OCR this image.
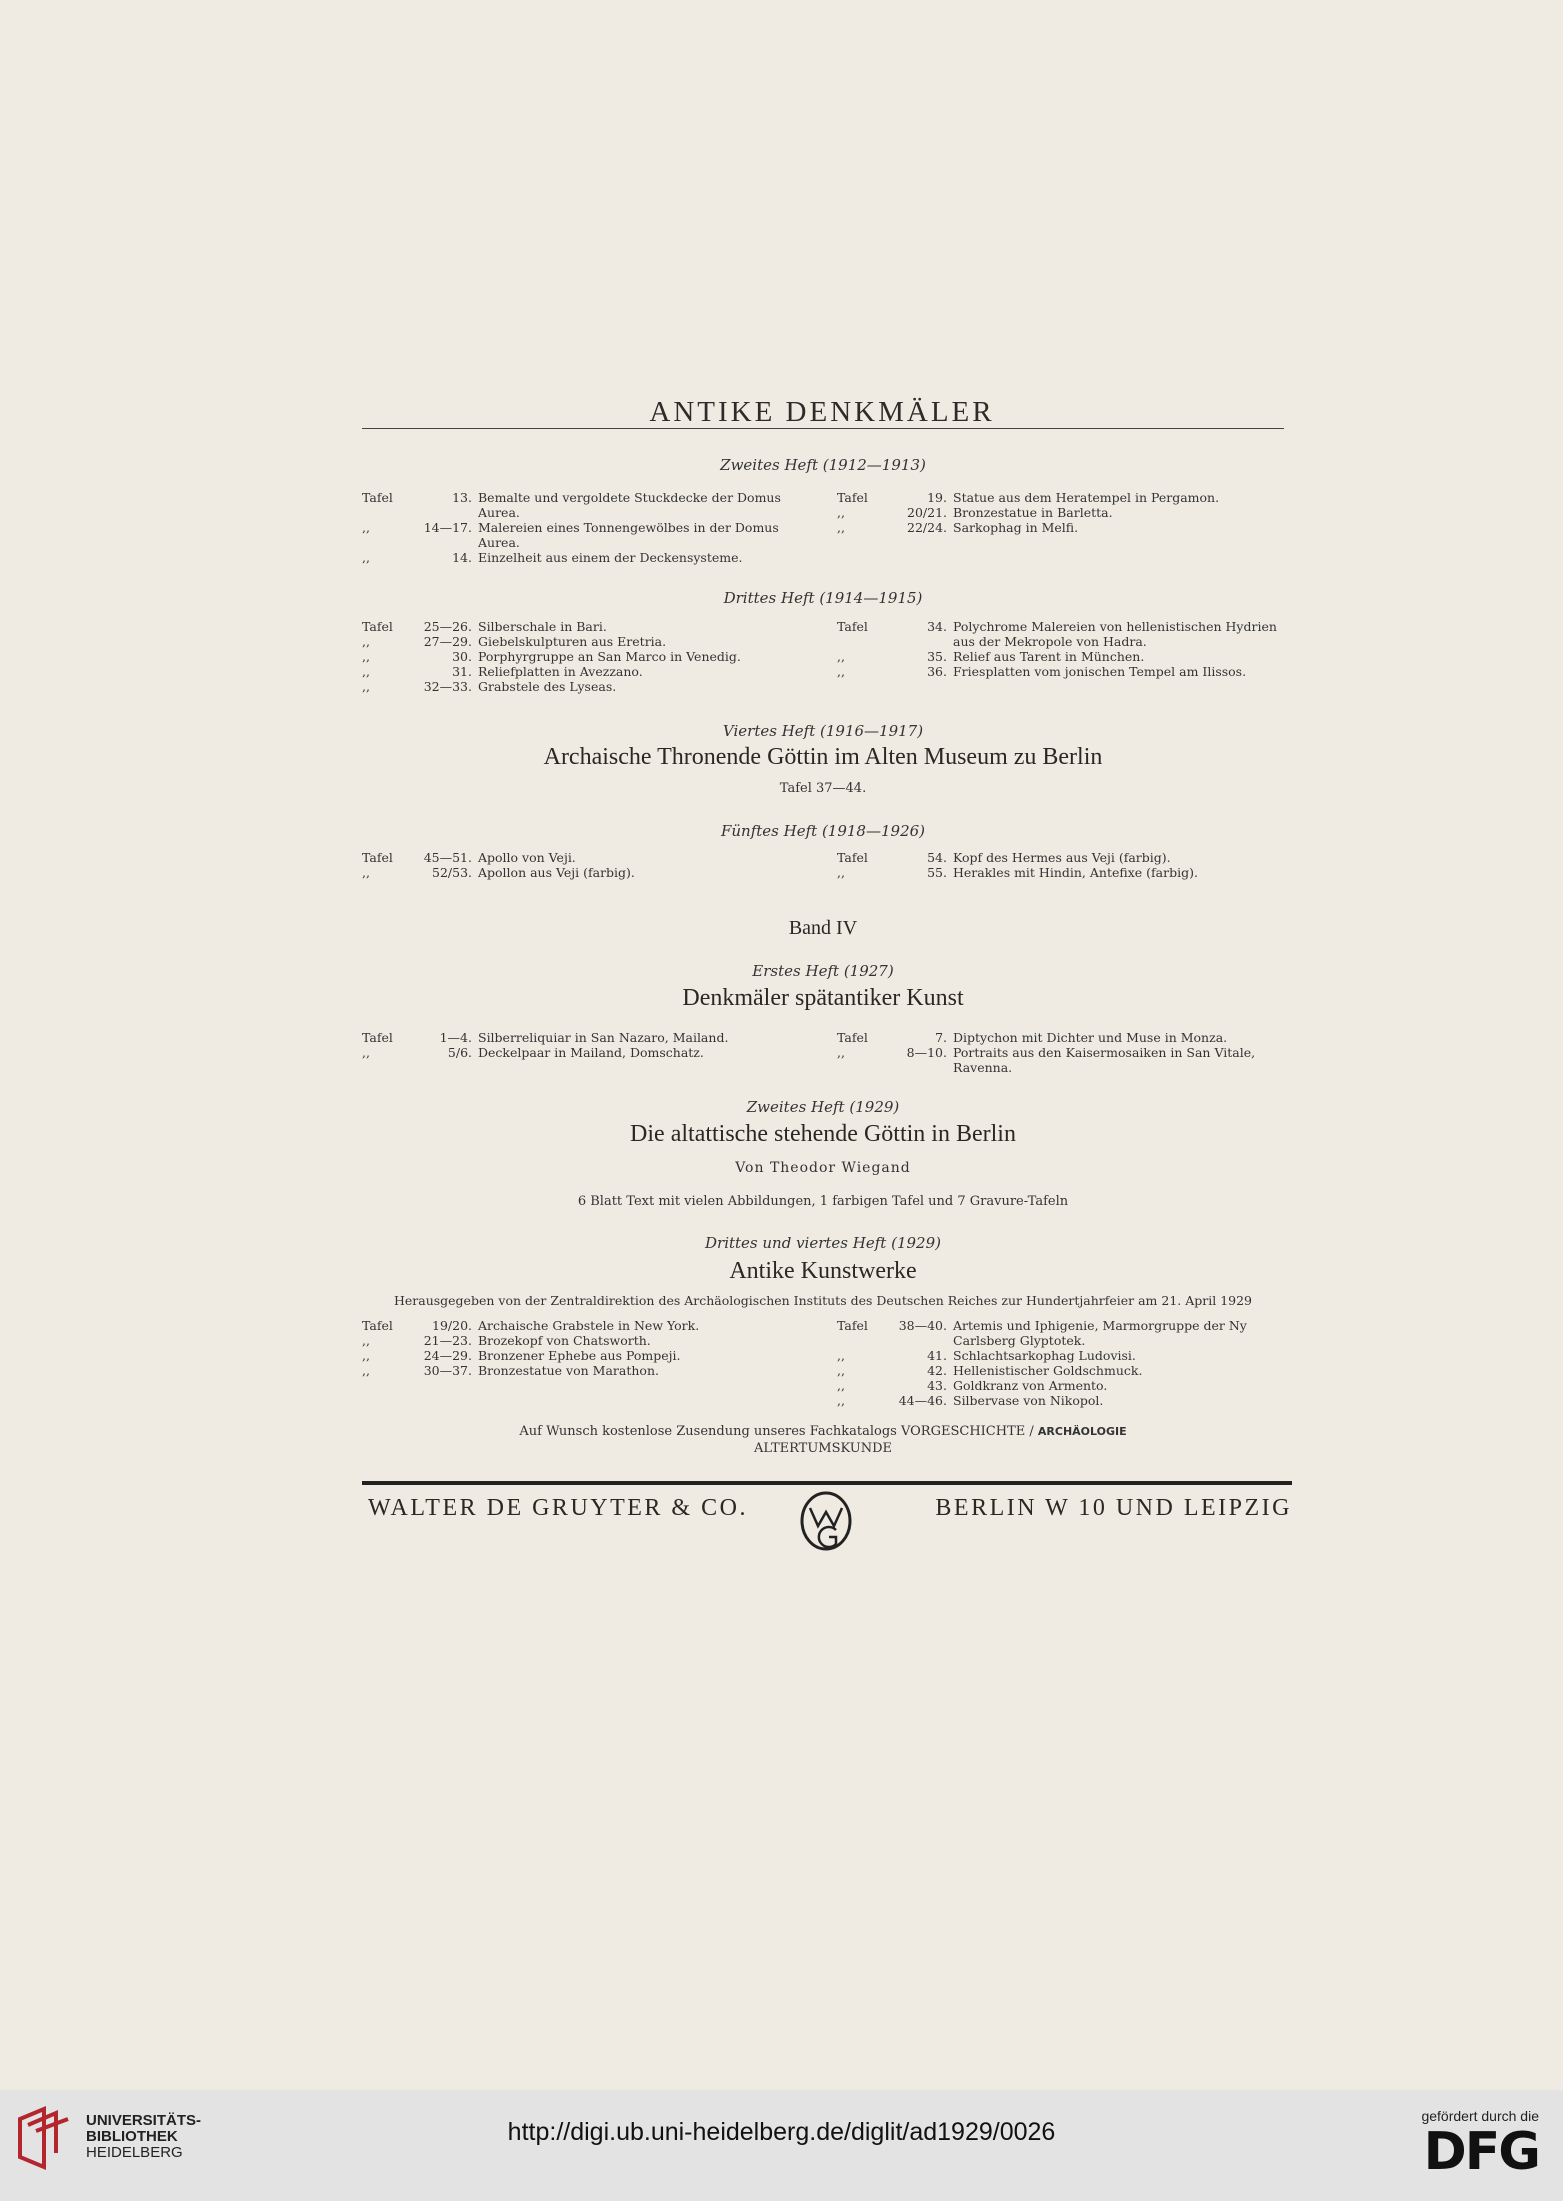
ANTIKE DENKMÄLER
Zweites Heft (1912—1913)
Tafel	13. Bemalte und vergoldete Stuckdecke der Domus
Aurea.
,,	14—17. Malereien eines Tonnengewölbes in der Domus
Aurea.
,,	14. Einzelheit aus einem der Deckensysteme.
Tafel	19. Statue aus dem Heratempel in Pergamon.
,,	20/21. Bronzestatue in Barletta.
,,	22/24. Sarkophag in Melfi.
Drittes Heft (1914—1915)
Tafel 25—26. Silberschale in Bari.
,,	27—29. Giebelskulpturen aus Eretria.
,,	30. Porphyrgruppe an San Marco in Venedig.
,,	31. Reliefplatten in Avezzano.
,,	32—33. Grabstele des Lyseas.
Tafel	34. Polychrome Malereien von hellenistischen Hydrien
aus der Mekropole von Hadra.
,,	35. Relief aus Tarent in München.
,,	36. Friesplatten vom jonischen Tempel am Ilissos.
Viertes Heft (1916—1917)
Archaische Thronende Göttin im Alten Museum zu Berlin
Tafel 37—44.
Fünftes Heft (1918—1926)
Tafel 45—51. Apollo von Veji.
,,	52/53. Apollon aus Veji (farbig).
Tafel	54. Kopf des Hermes aus Veji (farbig).
,,	55. Herakles mit Hindin, Antefixe (farbig).
Band IV
Erstes Heft (1927)
Denkmäler spätantiker Kunst
Tafel	1—4. Silberreliquiar in San Nazaro, Mailand.
,,	5/6. Deckelpaar in Mailand, Domschatz.
Tafel	7. Diptychon mit Dichter und Muse in Monza.
,,	8—10. Portraits aus den Kaisermosaiken in San Vitale,
Ravenna.
Zweites Heft (1929)
Die altattische stehende Göttin in Berlin
Von Theodor Wiegand
6 Blatt Text mit vielen Abbildungen, 1 farbigen Tafel und 7 Gravure-Tafeln
Drittes und viertes Heft (1929)
Antike Kunstwerke
Herausgegeben von der Zentraldirektion des Archäologischen Instituts des Deutschen Reiches zur Hundertjahrfeier am 21. April 1929
Tafel	19/20. Archaische Grabstele in New York.
,,	21—23. Brozekopf von Chatsworth.
,,	24—29. Bronzener Ephebe aus Pompeji.
,,	30—37. Bronzestatue von Marathon.
Tafel 38—40. Artemis und Iphigenie, Marmorgruppe der Ny
Carlsberg Glyptotek.
,,	41. Schlachtsarkophag Ludovisi.
,,	42. Hellenistischer Goldschmuck.
,,	43. Goldkranz von Armento.
,,	44—46. Silbervase von Nikopol.
Auf Wunsch kostenlose Zusendung unseres Fachkatalogs VORGESCHICHTE / ARCHÄOLOGIE
ALTERTUMSKUNDE
WALTER DE GRUYTER & CO.	BERLIN W 10 UND LEIPZIG
UNIVERSITÄTS-
BIBLIOTHEK
HEIDELBERG
http://digi.ub.uni-heidelberg.de/diglit/ad1929/0026
gefördert durch die
DFG
